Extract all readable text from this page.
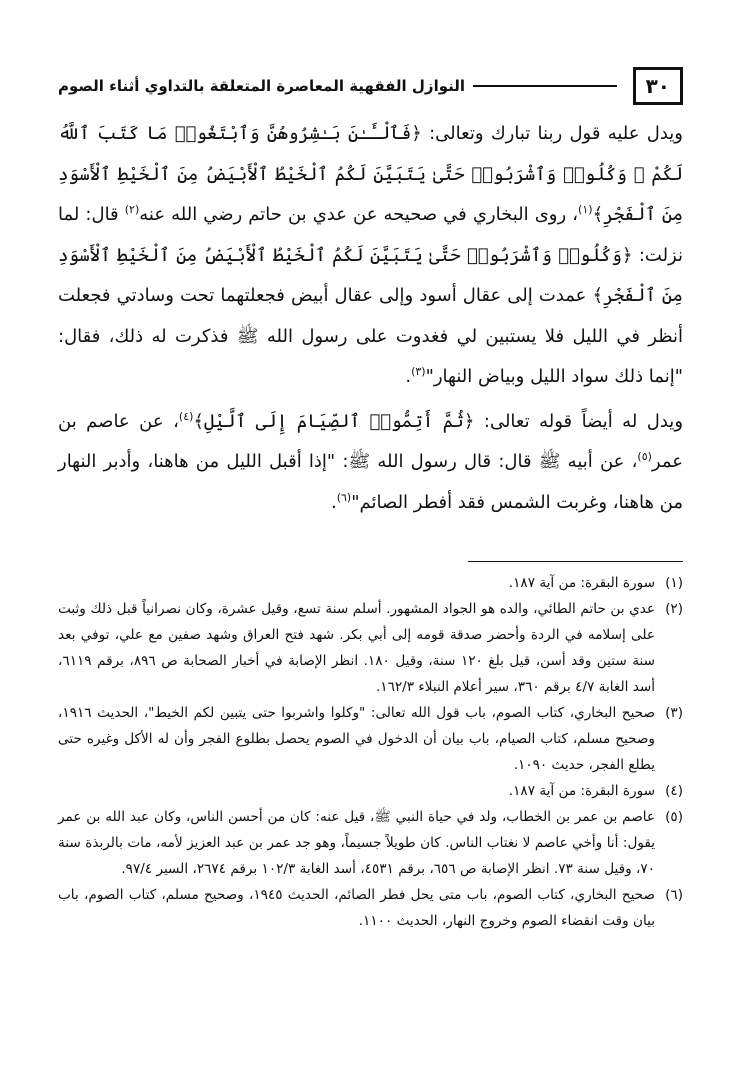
٣٠
النوازل الفقهية المعاصرة المتعلقة بالتداوي أثناء الصوم

ويدل عليه قول ربنا تبارك وتعالى: ﴿فَٱلْـَٔـٰنَ بَـٰشِرُوهُنَّ وَٱبْتَغُوا۟ مَا كَتَبَ ٱللَّهُ لَكُمْ ۚ وَكُلُوا۟ وَٱشْرَبُوا۟ حَتَّىٰ يَتَبَيَّنَ لَكُمُ ٱلْخَيْطُ ٱلْأَبْيَضُ مِنَ ٱلْخَيْطِ ٱلْأَسْوَدِ مِنَ ٱلْفَجْرِ﴾$^{(١)}$، روى البخاري في صحيحه عن عدي بن حاتم رضي الله عنه$^{(٢)}$ قال: لما نزلت: ﴿وَكُلُوا۟ وَٱشْرَبُوا۟ حَتَّىٰ يَتَبَيَّنَ لَكُمُ ٱلْخَيْطُ ٱلْأَبْيَضُ مِنَ ٱلْخَيْطِ ٱلْأَسْوَدِ مِنَ ٱلْفَجْرِ﴾ عمدت إلى عقال أسود وإلى عقال أبيض فجعلتهما تحت وسادتي فجعلت أنظر في الليل فلا يستبين لي فغدوت على رسول الله ﷺ فذكرت له ذلك، فقال: "إنما ذلك سواد الليل وبياض النهار"$^{(٣)}$.

ويدل له أيضاً قوله تعالى: ﴿ثُمَّ أَتِمُّوا۟ ٱلصِّيَامَ إِلَى ٱلَّيْلِ﴾$^{(٤)}$، عن عاصم بن عمر$^{(٥)}$، عن أبيه ﷺ قال: قال رسول الله ﷺ: "إذا أقبل الليل من هاهنا، وأدبر النهار من هاهنا، وغربت الشمس فقد أفطر الصائم"$^{(٦)}$.

(١)
سورة البقرة: من آية ١٨٧.
(٢)
عدي بن حاتم الطائي، والده هو الجواد المشهور. أسلم سنة تسع، وقيل عشرة، وكان نصرانياً قبل ذلك وثبت على إسلامه في الردة وأحضر صدقة قومه إلى أبي بكر. شهد فتح العراق وشهد صفين مع علي، توفي بعد سنة ستين وقد أسن، قيل بلغ ١٢٠ سنة، وقيل ١٨٠. انظر الإصابة في أخبار الصحابة ص ٨٩٦، برقم ٦١١٩، أسد الغابة ٤/٧ برقم ٣٦٠، سير أعلام النبلاء ١٦٢/٣.
(٣)
صحيح البخاري، كتاب الصوم، باب قول الله تعالى: "وكلوا واشربوا حتى يتبين لكم الخيط"، الحديث ١٩١٦، وصحيح مسلم، كتاب الصيام، باب بيان أن الدخول في الصوم يحصل بطلوع الفجر وأن له الأكل وغيره حتى يطلع الفجر، حديث ١٠٩٠.
(٤)
سورة البقرة: من آية ١٨٧.
(٥)
عاصم بن عمر بن الخطاب، ولد في حياة النبي ﷺ، قيل عنه: كان من أحسن الناس، وكان عبد الله بن عمر يقول: أنا وأخي عاصم لا نغتاب الناس. كان طويلاً جسيماً، وهو جد عمر بن عبد العزيز لأمه، مات بالربذة سنة ٧٠، وقيل سنة ٧٣. انظر الإصابة ص ٦٥٦، برقم ٤٥٣١، أسد الغابة ١٠٢/٣ برقم ٢٦٧٤، السير ٩٧/٤.
(٦)
صحيح البخاري، كتاب الصوم، باب متى يحل فطر الصائم، الحديث ١٩٤٥، وصحيح مسلم، كتاب الصوم، باب بيان وقت انقضاء الصوم وخروج النهار، الحديث ١١٠٠.
